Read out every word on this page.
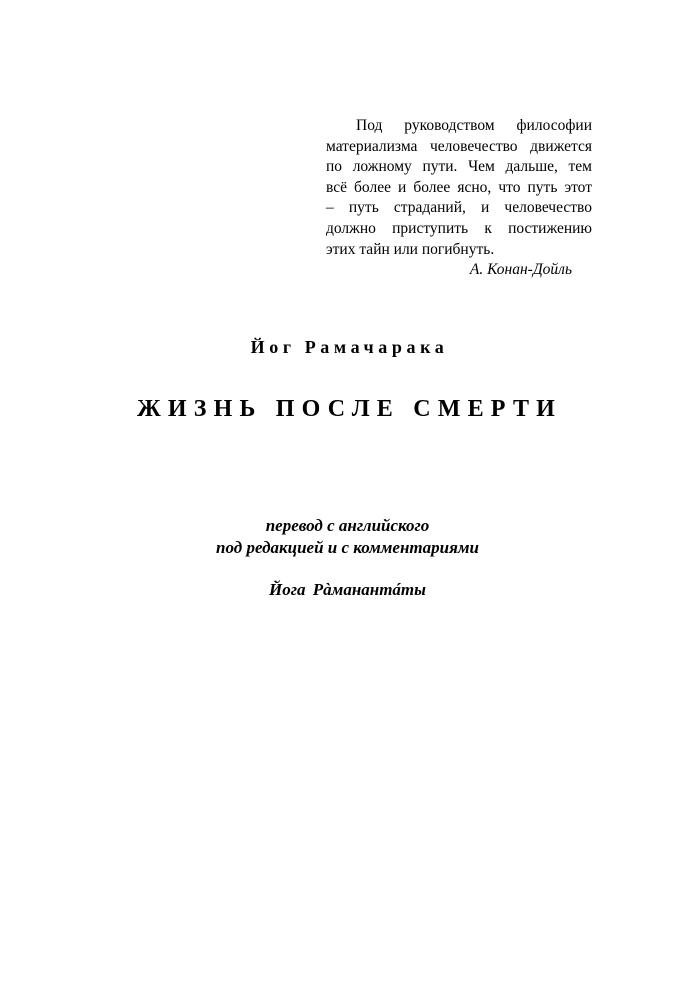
Под руководством философии
материализма человечество движется
по ложному пути. Чем дальше, тем
всё более и более ясно, что путь этот
– путь страданий, и человечество
должно приступить к постижению
этих тайн или погибнуть.
А. Конан-Дойль
Йог Рамачарака
ЖИЗНЬ ПОСЛЕ СМЕРТИ
перевод с английского
под редакцией и с комментариями
Йога Рàманантáты
